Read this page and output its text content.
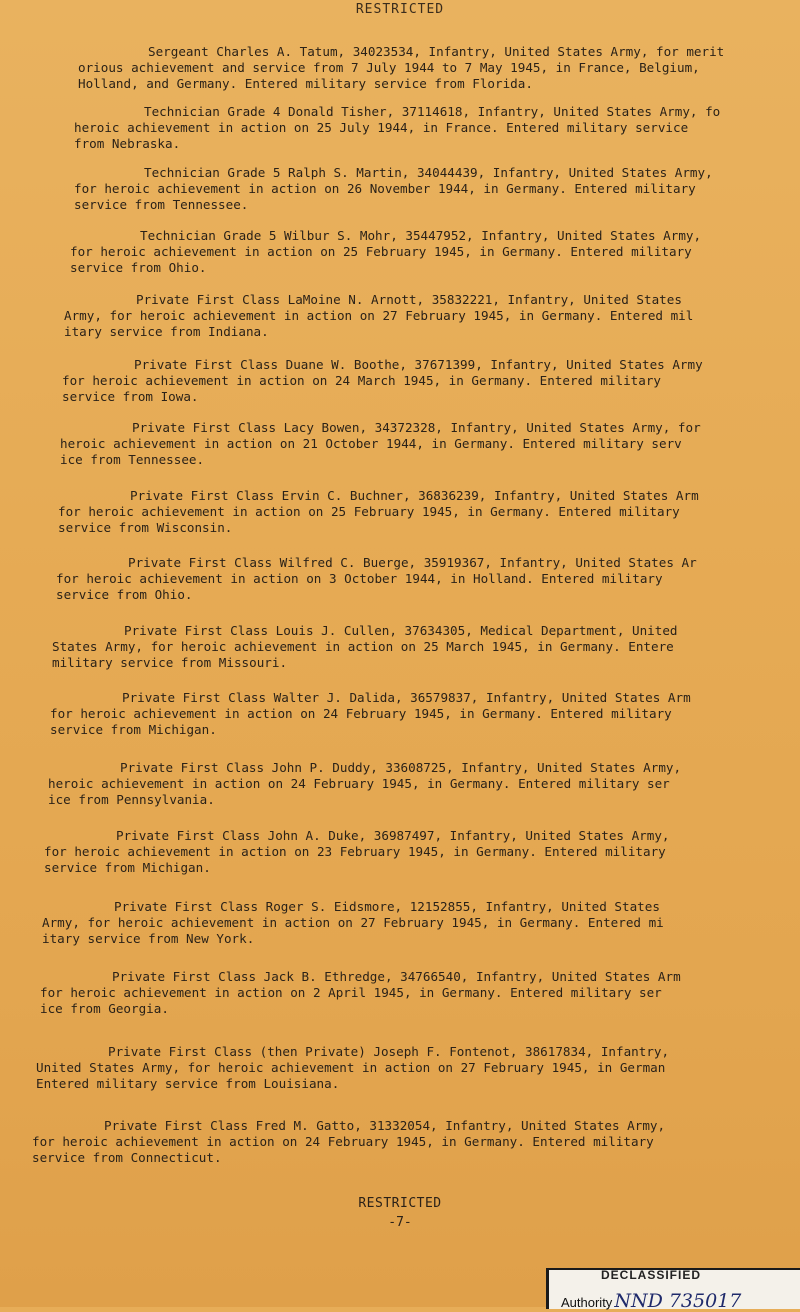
RESTRICTED
Sergeant Charles A. Tatum, 34023534, Infantry, United States Army, for merit
orious achievement and service from 7 July 1944 to 7 May 1945, in France, Belgium,
Holland, and Germany. Entered military service from Florida.
Technician Grade 4 Donald Tisher, 37114618, Infantry, United States Army, fo
heroic achievement in action on 25 July 1944, in France. Entered military service
from Nebraska.
Technician Grade 5 Ralph S. Martin, 34044439, Infantry, United States Army,
for heroic achievement in action on 26 November 1944, in Germany. Entered military
service from Tennessee.
Technician Grade 5 Wilbur S. Mohr, 35447952, Infantry, United States Army,
for heroic achievement in action on 25 February 1945, in Germany. Entered military
service from Ohio.
Private First Class LaMoine N. Arnott, 35832221, Infantry, United States
Army, for heroic achievement in action on 27 February 1945, in Germany. Entered mil
itary service from Indiana.
Private First Class Duane W. Boothe, 37671399, Infantry, United States Army
for heroic achievement in action on 24 March 1945, in Germany. Entered military
service from Iowa.
Private First Class Lacy Bowen, 34372328, Infantry, United States Army, for
heroic achievement in action on 21 October 1944, in Germany. Entered military serv
ice from Tennessee.
Private First Class Ervin C. Buchner, 36836239, Infantry, United States Arm
for heroic achievement in action on 25 February 1945, in Germany. Entered military
service from Wisconsin.
Private First Class Wilfred C. Buerge, 35919367, Infantry, United States Ar
for heroic achievement in action on 3 October 1944, in Holland. Entered military
service from Ohio.
Private First Class Louis J. Cullen, 37634305, Medical Department, United
States Army, for heroic achievement in action on 25 March 1945, in Germany. Entere
military service from Missouri.
Private First Class Walter J. Dalida, 36579837, Infantry, United States Arm
for heroic achievement in action on 24 February 1945, in Germany. Entered military
service from Michigan.
Private First Class John P. Duddy, 33608725, Infantry, United States Army,
heroic achievement in action on 24 February 1945, in Germany. Entered military ser
ice from Pennsylvania.
Private First Class John A. Duke, 36987497, Infantry, United States Army,
for heroic achievement in action on 23 February 1945, in Germany. Entered military
service from Michigan.
Private First Class Roger S. Eidsmore, 12152855, Infantry, United States
Army, for heroic achievement in action on 27 February 1945, in Germany. Entered mi
itary service from New York.
Private First Class Jack B. Ethredge, 34766540, Infantry, United States Arm
for heroic achievement in action on 2 April 1945, in Germany. Entered military ser
ice from Georgia.
Private First Class (then Private) Joseph F. Fontenot, 38617834, Infantry,
United States Army, for heroic achievement in action on 27 February 1945, in German
Entered military service from Louisiana.
Private First Class Fred M. Gatto, 31332054, Infantry, United States Army,
for heroic achievement in action on 24 February 1945, in Germany. Entered military
service from Connecticut.
RESTRICTED
-7-
DECLASSIFIED
Authority NND 735017
